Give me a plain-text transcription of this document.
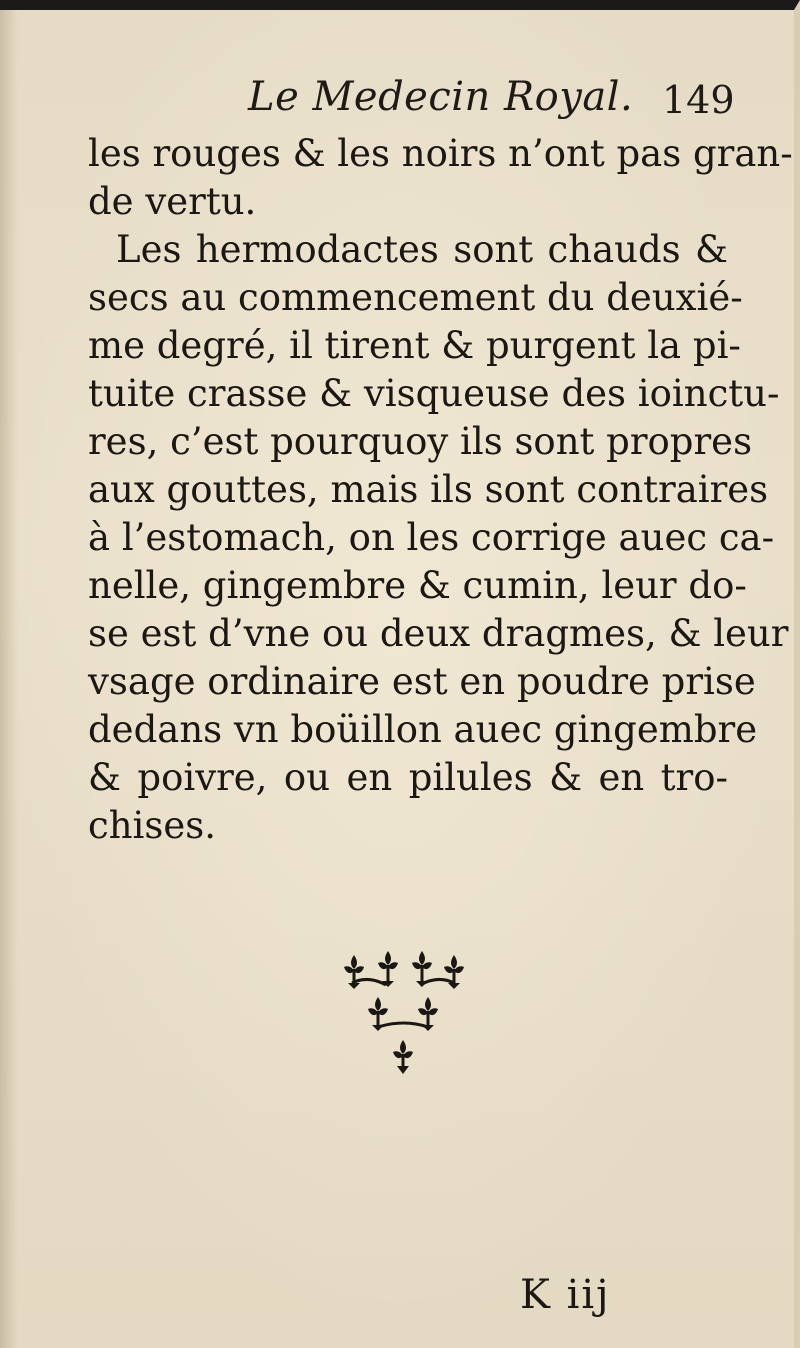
Le Medecin Royal. 149
les rouges & les noirs n’ont pas gran-
de vertu.
Les hermodactes sont chauds &
secs au commencement du deuxié-
me degré, il tirent & purgent la pi-
tuite crasse & visqueuse des ioinctu-
res, c’est pourquoy ils sont propres
aux gouttes, mais ils sont contraires
à l’estomach, on les corrige auec ca-
nelle, gingembre & cumin, leur do-
se est d’vne ou deux dragmes, & leur
vsage ordinaire est en poudre prise
dedans vn boüillon auec gingembre
& poivre, ou en pilules & en tro-
chises.
K iij
